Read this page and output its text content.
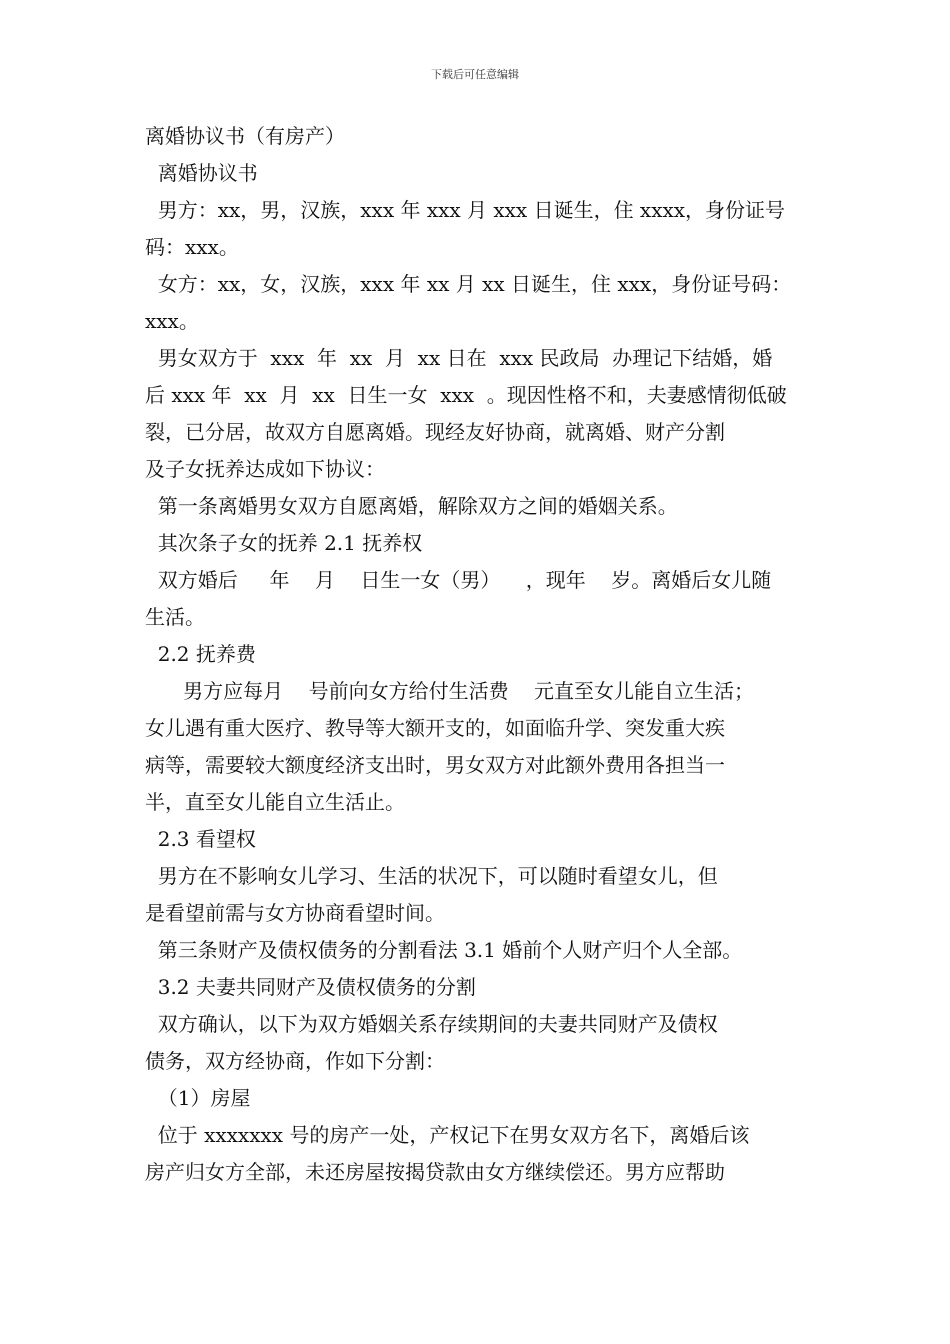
下载后可任意编辑
离婚协议书（有房产）
离婚协议书
男方：xx，男，汉族，xxx 年 xxx 月 xxx 日诞生，住 xxxx，身份证号
码：xxx。
女方：xx，女，汉族，xxx 年 xx 月 xx 日诞生，住 xxx，身份证号码：
xxx。
男女双方于  xxx  年  xx  月  xx 日在  xxx 民政局  办理记下结婚，婚
后 xxx 年  xx  月  xx  日生一女  xxx  。现因性格不和，夫妻感情彻低破
裂，已分居，故双方自愿离婚。现经友好协商，就离婚、财产分割
及子女抚养达成如下协议：
第一条离婚男女双方自愿离婚，解除双方之间的婚姻关系。
其次条子女的抚养 2.1 抚养权
双方婚后     年    月    日生一女（男）    ，现年    岁。离婚后女儿随
生活。
2.2 抚养费
男方应每月    号前向女方给付生活费    元直至女儿能自立生活；
女儿遇有重大医疗、教导等大额开支的，如面临升学、突发重大疾
病等，需要较大额度经济支出时，男女双方对此额外费用各担当一
半，直至女儿能自立生活止。
2.3 看望权
男方在不影响女儿学习、生活的状况下，可以随时看望女儿，但
是看望前需与女方协商看望时间。
第三条财产及债权债务的分割看法 3.1 婚前个人财产归个人全部。
3.2 夫妻共同财产及债权债务的分割
双方确认，以下为双方婚姻关系存续期间的夫妻共同财产及债权
债务，双方经协商，作如下分割：
（1）房屋
位于 xxxxxxx 号的房产一处，产权记下在男女双方名下，离婚后该
房产归女方全部，未还房屋按揭贷款由女方继续偿还。男方应帮助
